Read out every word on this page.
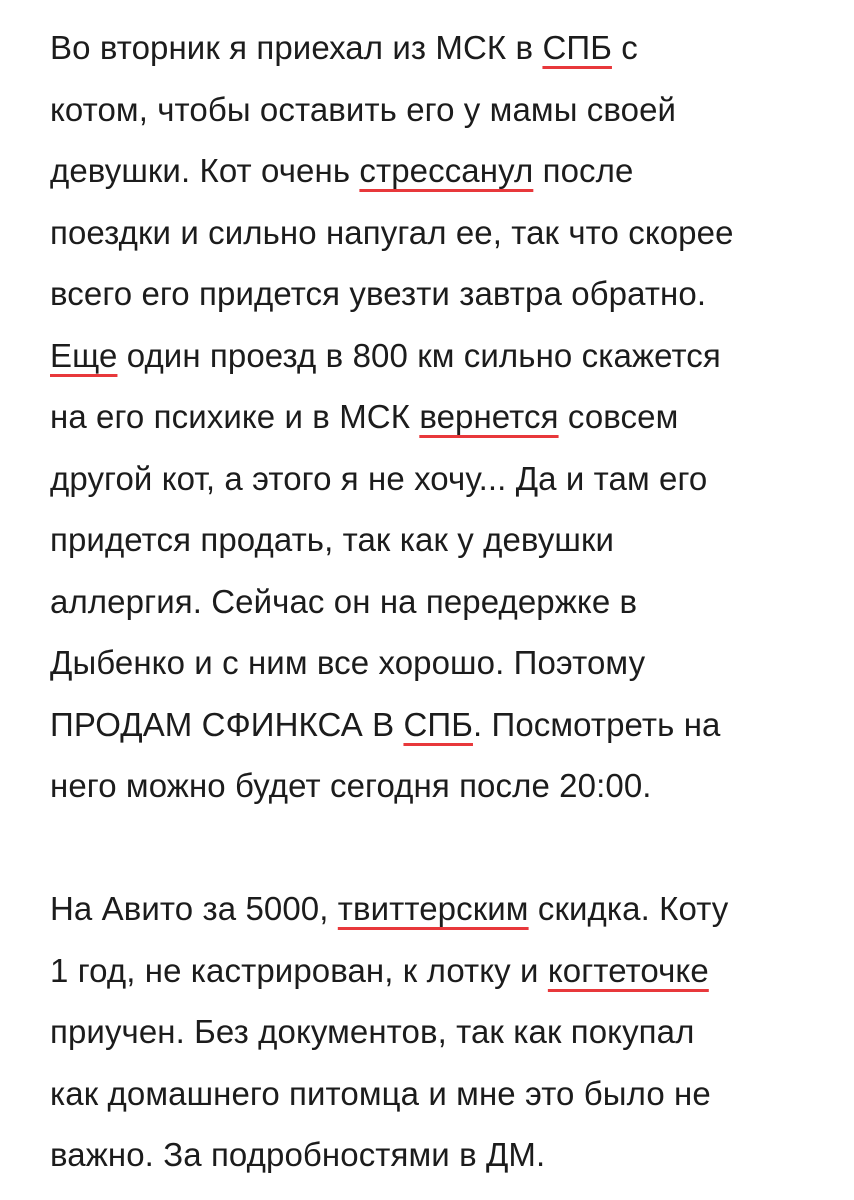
Во вторник я приехал из МСК в СПБ с
котом, чтобы оставить его у мамы своей
девушки. Кот очень стрессанул после
поездки и сильно напугал ее, так что скорее
всего его придется увезти завтра обратно.
Еще один проезд в 800 км сильно скажется
на его психике и в МСК вернется совсем
другой кот, а этого я не хочу... Да и там его
придется продать, так как у девушки
аллергия. Сейчас он на передержке в
Дыбенко и с ним все хорошо. Поэтому
ПРОДАМ СФИНКСА В СПБ. Посмотреть на
него можно будет сегодня после 20:00.
На Авито за 5000, твиттерским скидка. Коту
1 год, не кастрирован, к лотку и когтеточке
приучен. Без документов, так как покупал
как домашнего питомца и мне это было не
важно. За подробностями в ДМ.
